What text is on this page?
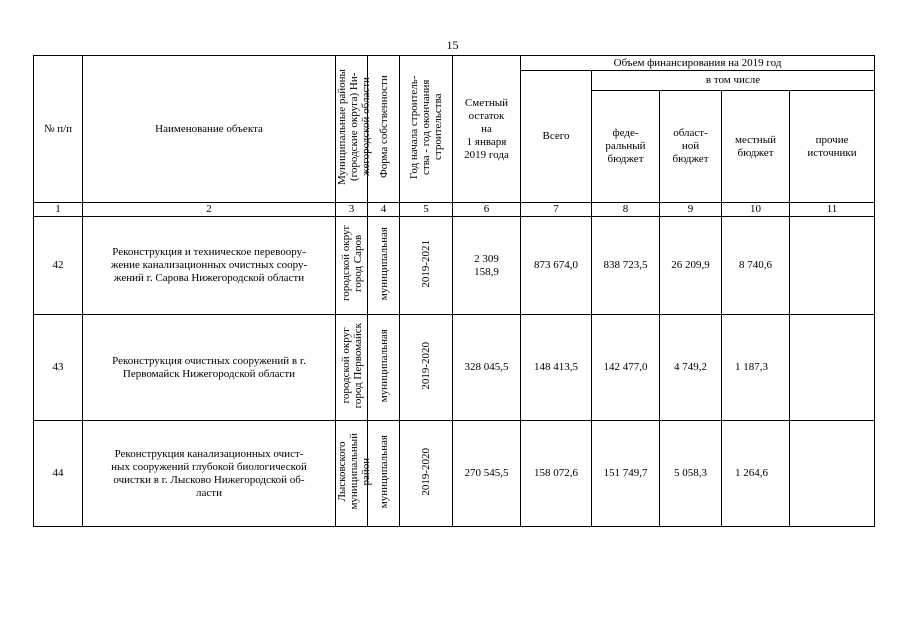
15
№ п/п	Наименование объекта	Муниципальные районы
(городские округа) Ни-
жегородской области	Форма собственности	Год начала строитель-
ства - год окончания
строительства	Сметный
остаток
на
1 января
2019 года	Объем финансирования на 2019 год				
						Всего	в том числе			
							феде-
ральный
бюджет	област-
ной
бюджет	местный
бюджет	прочие
источники
1	2	3	4	5	6	7	8	9	10	11
42	Реконструкция и техническое перевоору-
жение канализационных очистных соору-
жений г. Сарова Нижегородской области	городской округ
город Саров	муниципальная	2019-2021	2 309
158,9	873 674,0	838 723,5	26 209,9	8 740,6	
43	Реконструкция очистных сооружений в г.
Первомайск Нижегородской области	городской округ
город Первомайск	муниципальная	2019-2020	328 045,5	148 413,5	142 477,0	4 749,2	1 187,3	
44	Реконструкция канализационных очист-
ных сооружений глубокой биологической
очистки в г. Лысково Нижегородской об-
ласти	Лысковского
муниципальный
район	муниципальная	2019-2020	270 545,5	158 072,6	151 749,7	5 058,3	1 264,6	
